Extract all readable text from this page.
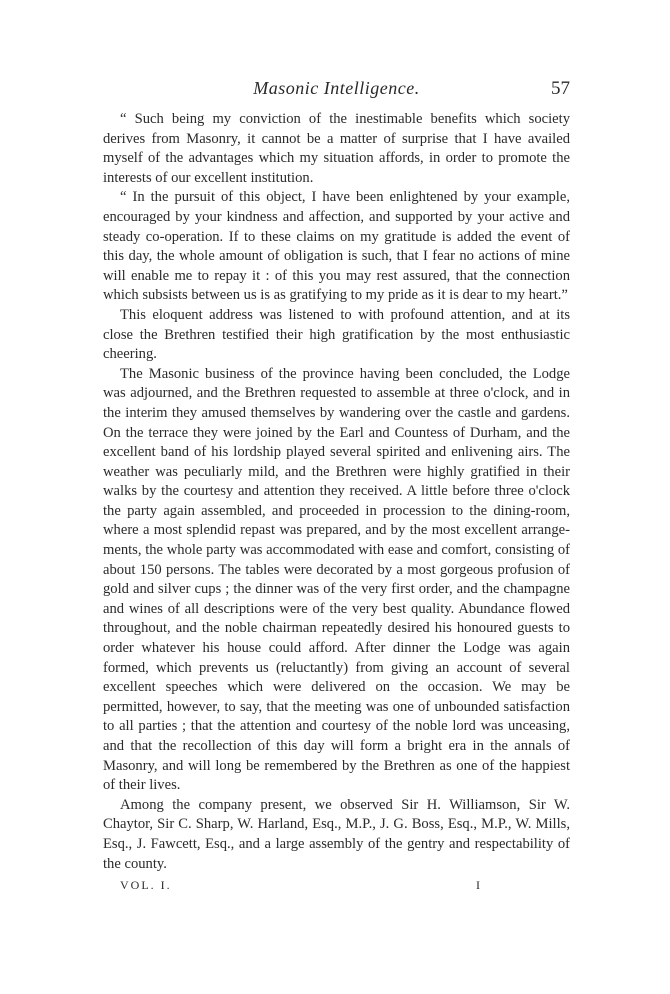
Masonic Intelligence.	57

“ Such being my conviction of the inestimable benefits which society derives from Masonry, it cannot be a matter of surprise that I have availed myself of the advantages which my situation affords, in order to promote the interests of our excellent institution.

“ In the pursuit of this object, I have been enlightened by your example, encouraged by your kindness and affection, and supported by your active and steady co-operation. If to these claims on my gratitude is added the event of this day, the whole amount of obligation is such, that I fear no actions of mine will enable me to repay it : of this you may rest assured, that the connection which subsists between us is as gratifying to my pride as it is dear to my heart.”

This eloquent address was listened to with profound attention, and at its close the Brethren testified their high gratification by the most enthusiastic cheering.

The Masonic business of the province having been concluded, the Lodge was adjourned, and the Brethren requested to assemble at three o'clock, and in the interim they amused themselves by wandering over the castle and gardens. On the terrace they were joined by the Earl and Countess of Durham, and the excellent band of his lordship played several spirited and enlivening airs. The weather was peculiarly mild, and the Brethren were highly gratified in their walks by the courtesy and attention they received. A little before three o'clock the party again assembled, and proceeded in procession to the dining-room, where a most splendid repast was prepared, and by the most excellent arrangements, the whole party was accommodated with ease and comfort, consisting of about 150 persons. The tables were decorated by a most gorgeous profusion of gold and silver cups ; the dinner was of the very first order, and the champagne and wines of all descriptions were of the very best quality. Abundance flowed throughout, and the noble chairman repeatedly desired his honoured guests to order whatever his house could afford. After dinner the Lodge was again formed, which prevents us (reluctantly) from giving an account of several excellent speeches which were delivered on the occasion. We may be permitted, however, to say, that the meeting was one of unbounded satisfaction to all parties ; that the attention and courtesy of the noble lord was unceasing, and that the recollection of this day will form a bright era in the annals of Masonry, and will long be remembered by the Brethren as one of the happiest of their lives.

Among the company present, we observed Sir H. Williamson, Sir W. Chaytor, Sir C. Sharp, W. Harland, Esq., M.P., J. G. Boss, Esq., M.P., W. Mills, Esq., J. Fawcett, Esq., and a large assembly of the gentry and respectability of the county.

VOL. I.	I
